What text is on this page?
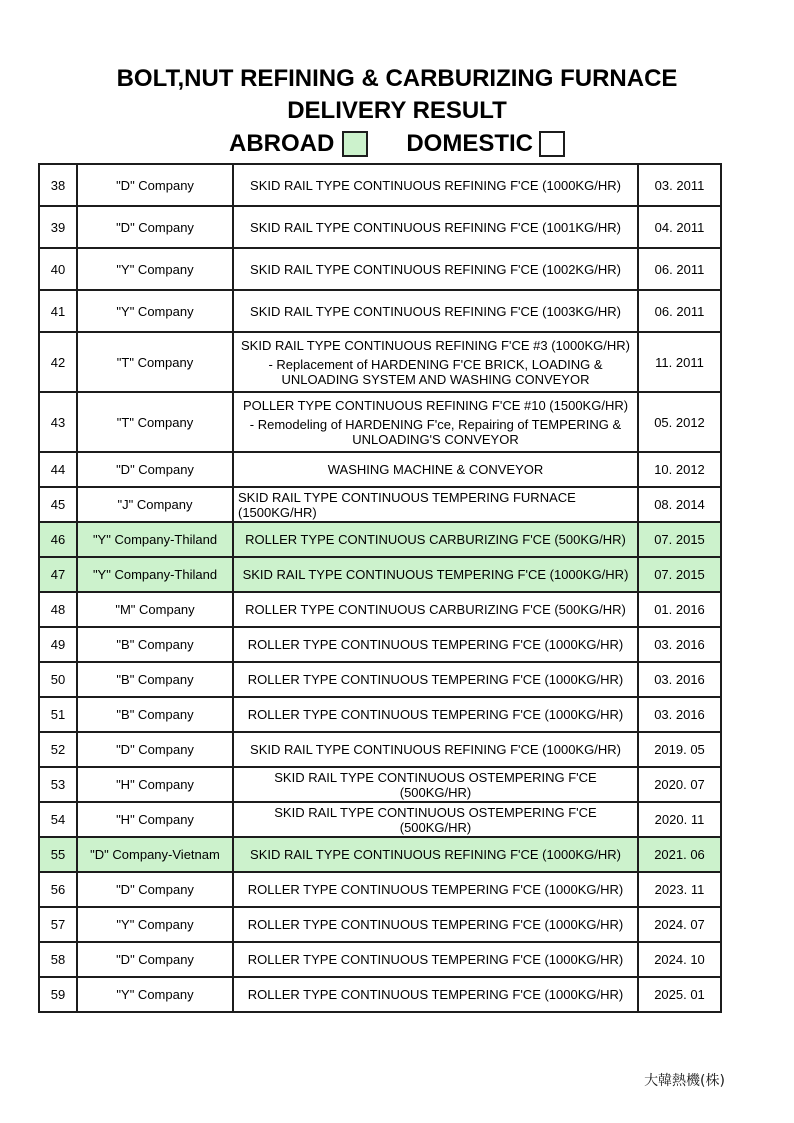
BOLT,NUT REFINING & CARBURIZING FURNACE
DELIVERY RESULT
ABROAD	DOMESTIC
38	"D" Company	SKID RAIL TYPE CONTINUOUS REFINING F'CE (1000KG/HR)	03. 2011
39	"D" Company	SKID RAIL TYPE CONTINUOUS REFINING F'CE (1001KG/HR)	04. 2011
40	"Y" Company	SKID RAIL TYPE CONTINUOUS REFINING F'CE (1002KG/HR)	06. 2011
41	"Y" Company	SKID RAIL TYPE CONTINUOUS REFINING F'CE (1003KG/HR)	06. 2011
42	"T" Company	SKID RAIL TYPE CONTINUOUS REFINING F'CE #3 (1000KG/HR)
- Replacement of HARDENING F'CE BRICK, LOADING &
UNLOADING SYSTEM AND WASHING CONVEYOR	11. 2011
43	"T" Company	POLLER TYPE CONTINUOUS REFINING F'CE #10 (1500KG/HR)
- Remodeling of HARDENING F'ce, Repairing of TEMPERING &
UNLOADING'S CONVEYOR	05. 2012
44	"D" Company	WASHING MACHINE & CONVEYOR	10. 2012
45	"J" Company	SKID RAIL TYPE CONTINUOUS TEMPERING FURNACE
(1500KG/HR)	08. 2014
46	"Y" Company-Thiland	ROLLER TYPE CONTINUOUS CARBURIZING F'CE (500KG/HR)	07. 2015
47	"Y" Company-Thiland	SKID RAIL TYPE CONTINUOUS TEMPERING F'CE (1000KG/HR)	07. 2015
48	"M" Company	ROLLER TYPE CONTINUOUS CARBURIZING F'CE (500KG/HR)	01. 2016
49	"B" Company	ROLLER TYPE CONTINUOUS TEMPERING F'CE (1000KG/HR)	03. 2016
50	"B" Company	ROLLER TYPE CONTINUOUS TEMPERING F'CE (1000KG/HR)	03. 2016
51	"B" Company	ROLLER TYPE CONTINUOUS TEMPERING F'CE (1000KG/HR)	03. 2016
52	"D" Company	SKID RAIL TYPE CONTINUOUS REFINING F'CE (1000KG/HR)	2019. 05
53	"H" Company	SKID RAIL TYPE CONTINUOUS OSTEMPERING F'CE
(500KG/HR)	2020. 07
54	"H" Company	SKID RAIL TYPE CONTINUOUS OSTEMPERING F'CE
(500KG/HR)	2020. 11
55	"D" Company-Vietnam	SKID RAIL TYPE CONTINUOUS REFINING F'CE (1000KG/HR)	2021. 06
56	"D" Company	ROLLER TYPE CONTINUOUS TEMPERING F'CE (1000KG/HR)	2023. 11
57	"Y" Company	ROLLER TYPE CONTINUOUS TEMPERING F'CE (1000KG/HR)	2024. 07
58	"D" Company	ROLLER TYPE CONTINUOUS TEMPERING F'CE (1000KG/HR)	2024. 10
59	"Y" Company	ROLLER TYPE CONTINUOUS TEMPERING F'CE (1000KG/HR)	2025. 01
大韓熱機(株)
